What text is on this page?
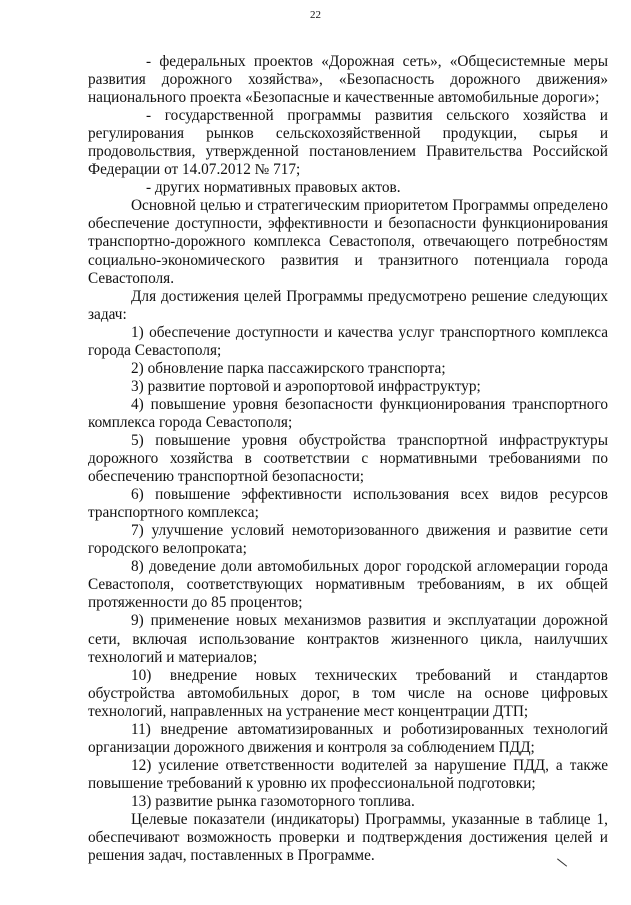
22

- федеральных проектов «Дорожная сеть», «Общесистемные меры развития дорожного хозяйства», «Безопасность дорожного движения» национального проекта «Безопасные и качественные автомобильные дороги»;

- государственной программы развития сельского хозяйства и регулирования рынков сельскохозяйственной продукции, сырья и продовольствия, утвержденной постановлением Правительства Российской Федерации от 14.07.2012 № 717;

- других нормативных правовых актов.

Основной целью и стратегическим приоритетом Программы определено обеспечение доступности, эффективности и безопасности функционирования транспортно-дорожного комплекса Севастополя, отвечающего потребностям социально-экономического развития и транзитного потенциала города Севастополя.

Для достижения целей Программы предусмотрено решение следующих задач:

1) обеспечение доступности и качества услуг транспортного комплекса города Севастополя;

2) обновление парка пассажирского транспорта;

3) развитие портовой и аэропортовой инфраструктур;

4) повышение уровня безопасности функционирования транспортного комплекса города Севастополя;

5) повышение уровня обустройства транспортной инфраструктуры дорожного хозяйства в соответствии с нормативными требованиями по обеспечению транспортной безопасности;

6) повышение эффективности использования всех видов ресурсов транспортного комплекса;

7) улучшение условий немоторизованного движения и развитие сети городского велопроката;

8) доведение доли автомобильных дорог городской агломерации города Севастополя, соответствующих нормативным требованиям, в их общей протяженности до 85 процентов;

9) применение новых механизмов развития и эксплуатации дорожной сети, включая использование контрактов жизненного цикла, наилучших технологий и материалов;

10) внедрение новых технических требований и стандартов обустройства автомобильных дорог, в том числе на основе цифровых технологий, направленных на устранение мест концентрации ДТП;

11) внедрение автоматизированных и роботизированных технологий организации дорожного движения и контроля за соблюдением ПДД;

12) усиление ответственности водителей за нарушение ПДД, а также повышение требований к уровню их профессиональной подготовки;

13) развитие рынка газомоторного топлива.

Целевые показатели (индикаторы) Программы, указанные в таблице 1, обеспечивают возможность проверки и подтверждения достижения целей и решения задач, поставленных в Программе.
